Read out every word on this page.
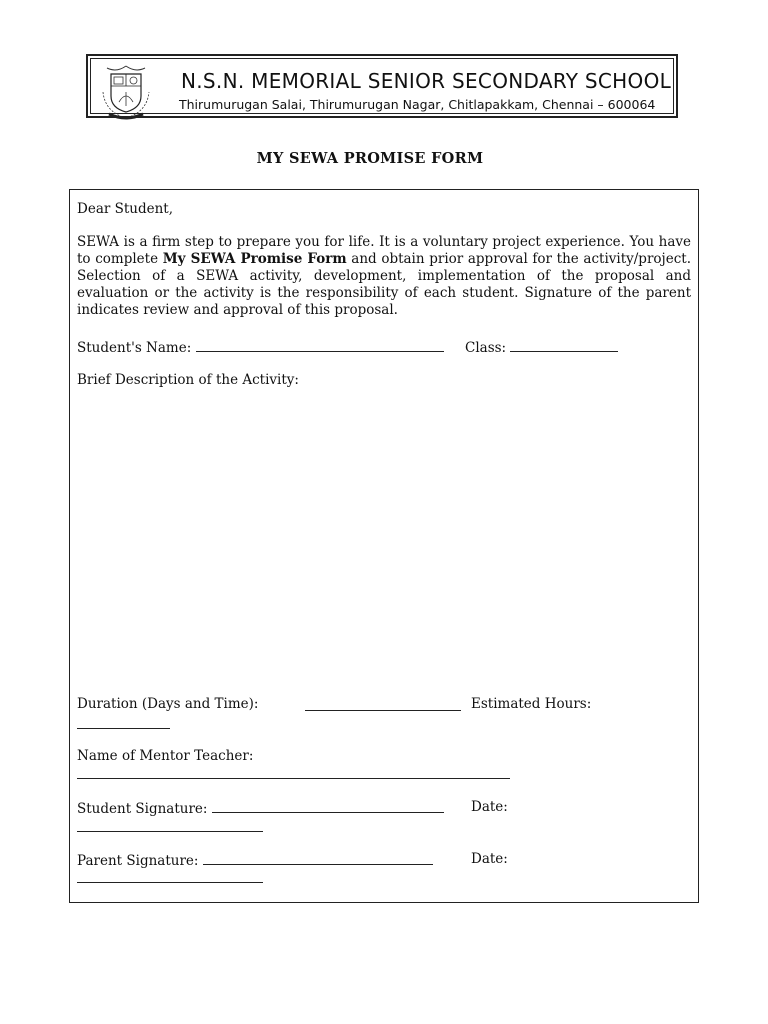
N.S.N. MEMORIAL SENIOR SECONDARY SCHOOL
Thirumurugan Salai, Thirumurugan Nagar, Chitlapakkam, Chennai – 600064
MY SEWA PROMISE FORM
Dear Student,
SEWA is a firm step to prepare you for life. It is a voluntary project experience. You have to complete My SEWA Promise Form and obtain prior approval for the activity/project. Selection of a SEWA activity, development, implementation of the proposal and evaluation or the activity is the responsibility of each student. Signature of the parent indicates review and approval of this proposal.
Student's Name:	Class:
Brief Description of the Activity:
Duration (Days and Time):	Estimated Hours:
Name of Mentor Teacher:
Student Signature:	Date:
Parent Signature:	Date:
